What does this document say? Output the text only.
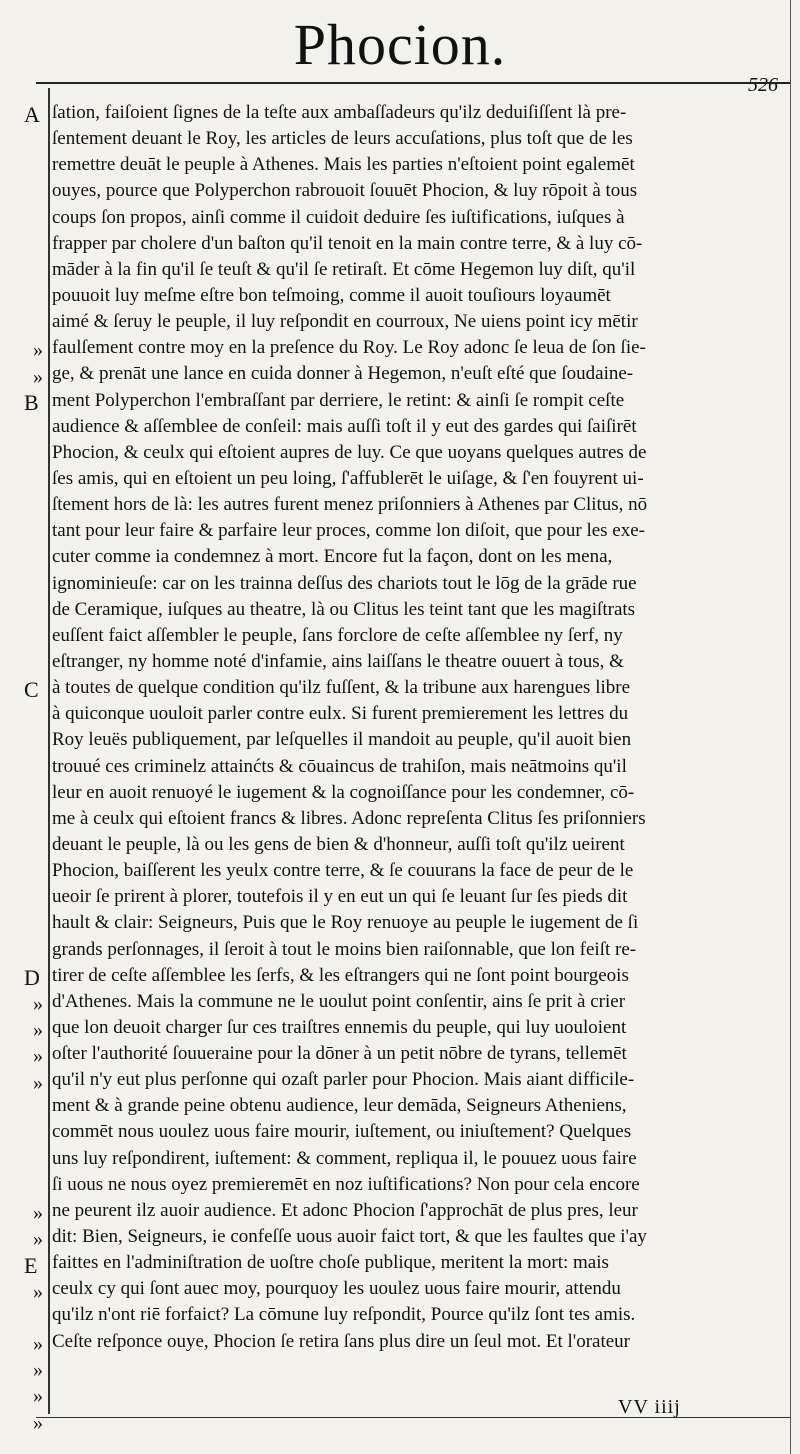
Phocion.
526
A
B
C
D
E
»
»
»
»
»
»
»
»
»
»
»
»
»
ſation, faiſoient ſignes de la teſte aux ambaſſadeurs qu'ilz deduiſiſſent là pre-
ſentement deuant le Roy, les articles de leurs accuſations, plus toſt que de les
remettre deuāt le peuple à Athenes. Mais les parties n'eſtoient point egalemēt
ouyes, pource que Polyperchon rabrouoit ſouuēt Phocion, & luy rōpoit à tous
coups ſon propos, ainſi comme il cuidoit deduire ſes iuſtifications, iuſques à
frapper par cholere d'un baſton qu'il tenoit en la main contre terre, & à luy cō-
māder à la fin qu'il ſe teuſt & qu'il ſe retiraſt. Et cōme Hegemon luy diſt, qu'il
pouuoit luy meſme eſtre bon teſmoing, comme il auoit touſiours loyaumēt
aimé & ſeruy le peuple, il luy reſpondit en courroux, Ne uiens point icy mētir
faulſement contre moy en la preſence du Roy. Le Roy adonc ſe leua de ſon ſie-
ge, & prenāt une lance en cuida donner à Hegemon, n'euſt eſté que ſoudaine-
ment Polyperchon l'embraſſant par derriere, le retint: & ainſi ſe rompit ceſte
audience & aſſemblee de conſeil: mais auſſi toſt il y eut des gardes qui ſaiſirēt
Phocion, & ceulx qui eſtoient aupres de luy. Ce que uoyans quelques autres de
ſes amis, qui en eſtoient un peu loing, ſ'affublerēt le uiſage, & ſ'en fouyrent ui-
ſtement hors de là: les autres furent menez priſonniers à Athenes par Clitus, nō
tant pour leur faire & parfaire leur proces, comme lon diſoit, que pour les exe-
cuter comme ia condemnez à mort. Encore fut la façon, dont on les mena,
ignominieuſe: car on les trainna deſſus des chariots tout le lōg de la grāde rue
de Ceramique, iuſques au theatre, là ou Clitus les teint tant que les magiſtrats
euſſent faict aſſembler le peuple, ſans forclore de ceſte aſſemblee ny ſerf, ny
eſtranger, ny homme noté d'infamie, ains laiſſans le theatre ouuert à tous, &
à toutes de quelque condition qu'ilz fuſſent, & la tribune aux harengues libre
à quiconque uouloit parler contre eulx. Si furent premierement les lettres du
Roy leuës publiquement, par leſquelles il mandoit au peuple, qu'il auoit bien
trouué ces criminelz attainćts & cōuaincus de trahiſon, mais neātmoins qu'il
leur en auoit renuoyé le iugement & la cognoiſſance pour les condemner, cō-
me à ceulx qui eſtoient francs & libres. Adonc repreſenta Clitus ſes priſonniers
deuant le peuple, là ou les gens de bien & d'honneur, auſſi toſt qu'ilz ueirent
Phocion, baiſſerent les yeulx contre terre, & ſe couurans la face de peur de le
ueoir ſe prirent à plorer, toutefois il y en eut un qui ſe leuant ſur ſes pieds dit
hault & clair: Seigneurs, Puis que le Roy renuoye au peuple le iugement de ſi
grands perſonnages, il ſeroit à tout le moins bien raiſonnable, que lon feiſt re-
tirer de ceſte aſſemblee les ſerfs, & les eſtrangers qui ne ſont point bourgeois
d'Athenes. Mais la commune ne le uoulut point conſentir, ains ſe prit à crier
que lon deuoit charger ſur ces traiſtres ennemis du peuple, qui luy uouloient
oſter l'authorité ſouueraine pour la dōner à un petit nōbre de tyrans, tellemēt
qu'il n'y eut plus perſonne qui ozaſt parler pour Phocion. Mais aiant difficile-
ment & à grande peine obtenu audience, leur demāda, Seigneurs Atheniens,
commēt nous uoulez uous faire mourir, iuſtement, ou iniuſtement? Quelques
uns luy reſpondirent, iuſtement: & comment, repliqua il, le pouuez uous faire
ſi uous ne nous oyez premieremēt en noz iuſtifications? Non pour cela encore
ne peurent ilz auoir audience. Et adonc Phocion ſ'approchāt de plus pres, leur
dit: Bien, Seigneurs, ie confeſſe uous auoir faict tort, & que les faultes que i'ay
faittes en l'adminiſtration de uoſtre choſe publique, meritent la mort: mais
ceulx cy qui ſont auec moy, pourquoy les uoulez uous faire mourir, attendu
qu'ilz n'ont riē forfaict? La cōmune luy reſpondit, Pource qu'ilz ſont tes amis.
Ceſte reſponce ouye, Phocion ſe retira ſans plus dire un ſeul mot. Et l'orateur
VV iiij
